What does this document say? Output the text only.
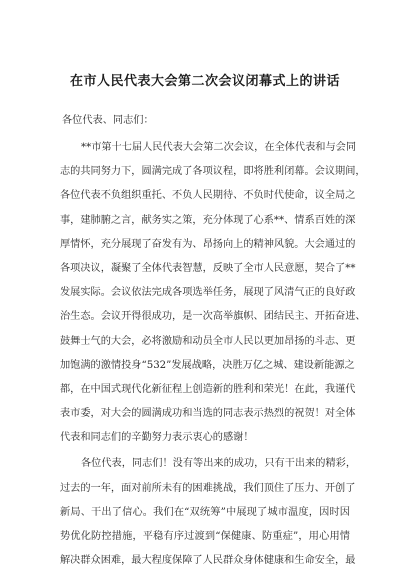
在市人民代表大会第二次会议闭幕式上的讲话
各位代表、同志们：
**市第十七届人民代表大会第二次会议，在全体代表和与会同
志的共同努力下，圆满完成了各项议程，即将胜利闭幕。会议期间，
各位代表不负组织重托、不负人民期待、不负时代使命，议全局之
事，建肺腑之言，献务实之策，充分体现了心系**、情系百姓的深
厚情怀，充分展现了奋发有为、昂扬向上的精神风貌。大会通过的
各项决议，凝聚了全体代表智慧，反映了全市人民意愿，契合了**
发展实际。会议依法完成各项选举任务，展现了风清气正的良好政
治生态。会议开得很成功，是一次高举旗帜、团结民主、开拓奋进、
鼓舞士气的大会，必将激励和动员全市人民以更加昂扬的斗志、更
加饱满的激情投身“532”发展战略，决胜万亿之城、建设新能源之
都，在中国式现代化新征程上创造新的胜利和荣光！在此，我谨代
表市委，对大会的圆满成功和当选的同志表示热烈的祝贺！对全体
代表和同志们的辛勤努力表示衷心的感谢！
各位代表，同志们！没有等出来的成功，只有干出来的精彩，
过去的一年，面对前所未有的困难挑战，我们顶住了压力、开创了
新局、干出了信心。我们在“双统筹”中展现了城市温度，因时因
势优化防控措施，平稳有序过渡到“保健康、防重症”，用心用情
解决群众困难，最大程度保障了人民群众身体健康和生命安全，最
